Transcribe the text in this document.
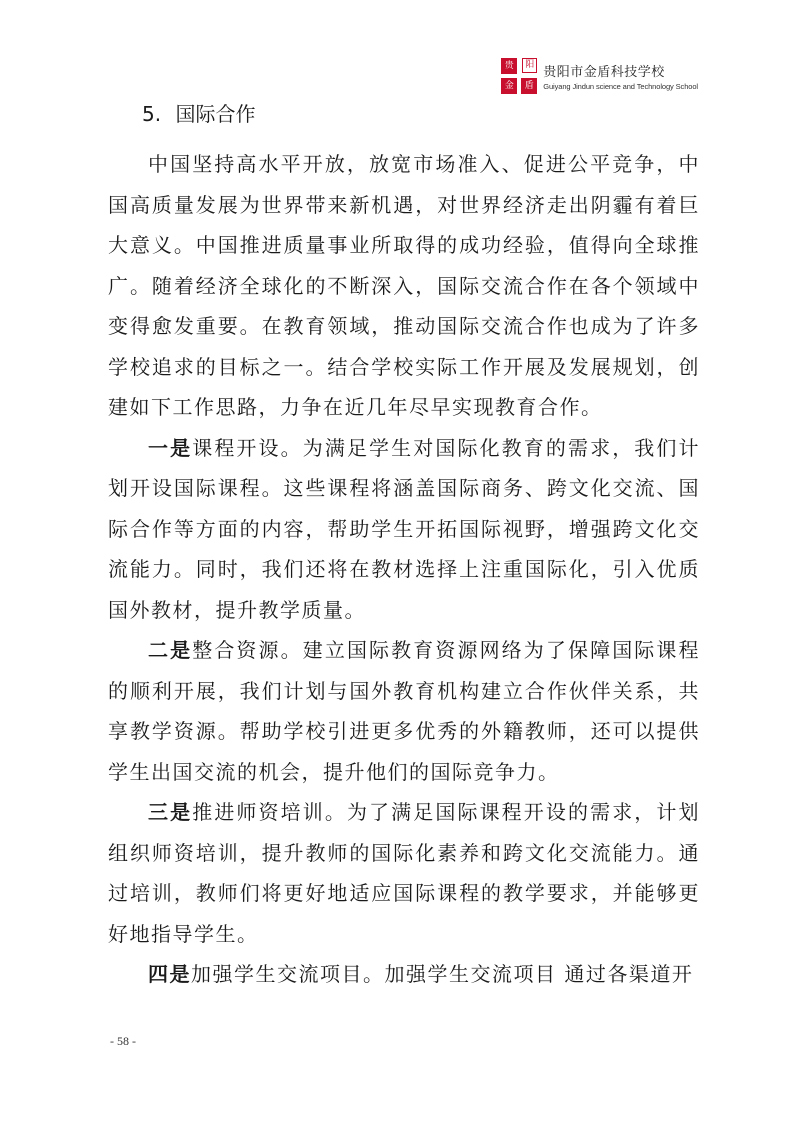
贵	阳
金	盾
贵阳市金盾科技学校
Guiyang Jindun science and Technology School
5. 国际合作

中国坚持高水平开放，放宽市场准入、促进公平竞争，中国高质量发展为世界带来新机遇，对世界经济走出阴霾有着巨大意义。中国推进质量事业所取得的成功经验，值得向全球推广。随着经济全球化的不断深入，国际交流合作在各个领域中变得愈发重要。在教育领域，推动国际交流合作也成为了许多学校追求的目标之一。结合学校实际工作开展及发展规划，创建如下工作思路，力争在近几年尽早实现教育合作。

一是课程开设。为满足学生对国际化教育的需求，我们计划开设国际课程。这些课程将涵盖国际商务、跨文化交流、国际合作等方面的内容，帮助学生开拓国际视野，增强跨文化交流能力。同时，我们还将在教材选择上注重国际化，引入优质国外教材，提升教学质量。

二是整合资源。建立国际教育资源网络为了保障国际课程的顺利开展，我们计划与国外教育机构建立合作伙伴关系，共享教学资源。帮助学校引进更多优秀的外籍教师，还可以提供学生出国交流的机会，提升他们的国际竞争力。

三是推进师资培训。为了满足国际课程开设的需求，计划组织师资培训，提升教师的国际化素养和跨文化交流能力。通过培训，教师们将更好地适应国际课程的教学要求，并能够更好地指导学生。

四是加强学生交流项目。加强学生交流项目 通过各渠道开

- 58 -
